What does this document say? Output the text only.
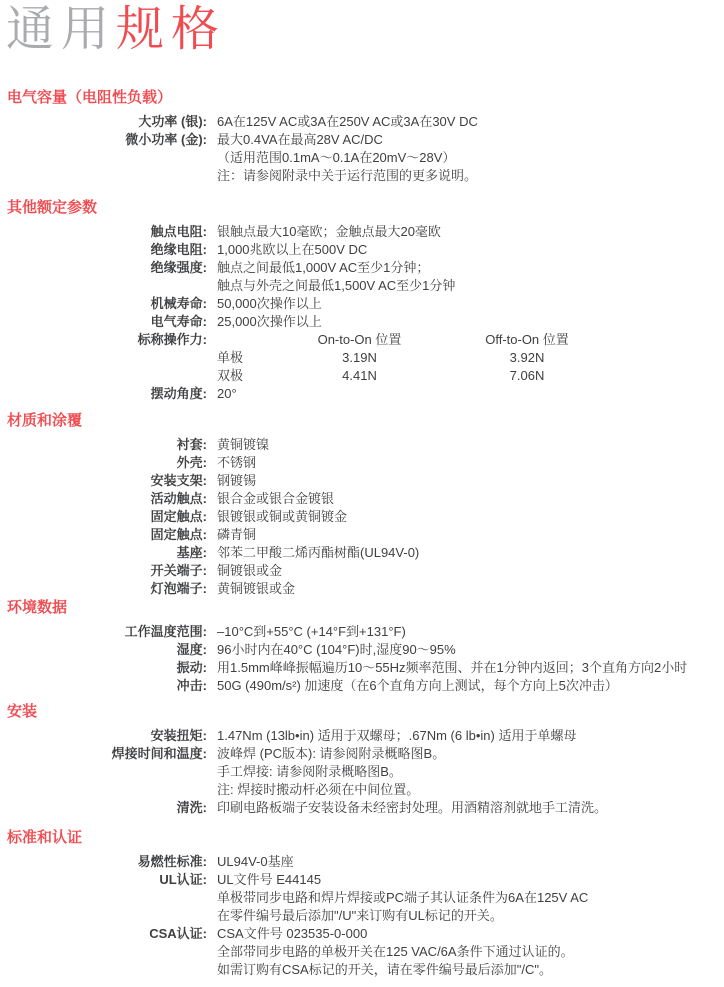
通用规格
电气容量（电阻性负载）
大功率 (银): 6A在125V AC或3A在250V AC或3A在30V DC
微小功率 (金): 最大0.4VA在最高28V AC/DC
（适用范围0.1mA～0.1A在20mV～28V）
注：请参阅附录中关于运行范围的更多说明。
其他额定参数
触点电阻: 银触点最大10毫欧；金触点最大20毫欧
绝缘电阻: 1,000兆欧以上在500V DC
绝缘强度: 触点之间最低1,000V AC至少1分钟；
触点与外壳之间最低1,500V AC至少1分钟
机械寿命: 50,000次操作以上
电气寿命: 25,000次操作以上
标称操作力:	On-to-On 位置	Off-to-On 位置
单极	3.19N	3.92N
双极	4.41N	7.06N
摆动角度: 20°
材质和涂覆
衬套: 黄铜镀镍
外壳: 不锈钢
安装支架: 钢镀锡
活动触点: 银合金或银合金镀银
固定触点: 银镀银或铜或黄铜镀金
固定触点: 磷青铜
基座: 邻苯二甲酸二烯丙酯树酯(UL94V-0)
开关端子: 铜镀银或金
灯泡端子: 黄铜镀银或金
环境数据
工作温度范围: –10°C到+55°C (+14°F到+131°F)
湿度: 96小时内在40°C (104°F)时,湿度90～95%
振动: 用1.5mm峰峰振幅遍历10～55Hz频率范围、并在1分钟内返回；3个直角方向2小时
冲击: 50G (490m/s²) 加速度（在6个直角方向上测试，每个方向上5次冲击）
安装
安装扭矩: 1.47Nm (13lb•in) 适用于双螺母；.67Nm (6 lb•in) 适用于单螺母
焊接时间和温度: 波峰焊 (PC版本): 请参阅附录概略图B。
手工焊接: 请参阅附录概略图B。
注: 焊接时搬动杆必须在中间位置。
清洗: 印刷电路板端子安装设备未经密封处理。用酒精溶剂就地手工清洗。
标准和认证
易燃性标准: UL94V-0基座
UL认证: UL文件号 E44145
单极带同步电路和焊片焊接或PC端子其认证条件为6A在125V AC
在零件编号最后添加"/U"来订购有UL标记的开关。
CSA认证: CSA文件号 023535-0-000
全部带同步电路的单极开关在125 VAC/6A条件下通过认证的。
如需订购有CSA标记的开关，请在零件编号最后添加"/C"。
